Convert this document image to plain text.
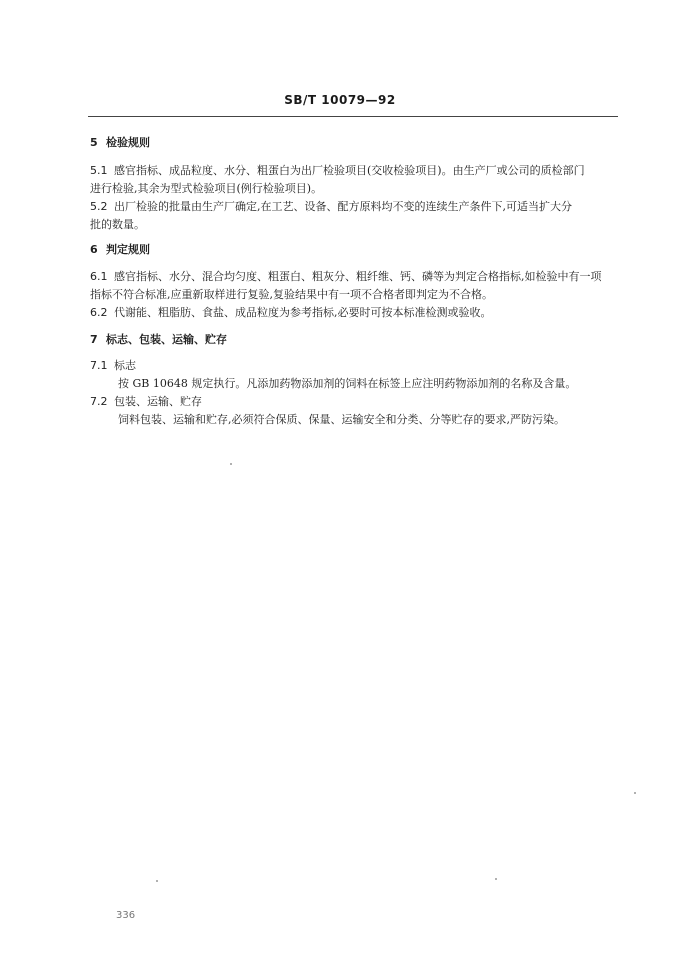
SB/T 10079—92
5 检验规则
5.1 感官指标、成品粒度、水分、粗蛋白为出厂检验项目(交收检验项目)。由生产厂或公司的质检部门
进行检验,其余为型式检验项目(例行检验项目)。
5.2 出厂检验的批量由生产厂确定,在工艺、设备、配方原料均不变的连续生产条件下,可适当扩大分
批的数量。
6 判定规则
6.1 感官指标、水分、混合均匀度、粗蛋白、粗灰分、粗纤维、钙、磷等为判定合格指标,如检验中有一项
指标不符合标准,应重新取样进行复验,复验结果中有一项不合格者即判定为不合格。
6.2 代谢能、粗脂肪、食盐、成品粒度为参考指标,必要时可按本标准检测或验收。
7 标志、包装、运输、贮存
7.1 标志
按 GB 10648 规定执行。凡添加药物添加剂的饲料在标签上应注明药物添加剂的名称及含量。
7.2 包装、运输、贮存
饲料包装、运输和贮存,必须符合保质、保量、运输安全和分类、分等贮存的要求,严防污染。
336
